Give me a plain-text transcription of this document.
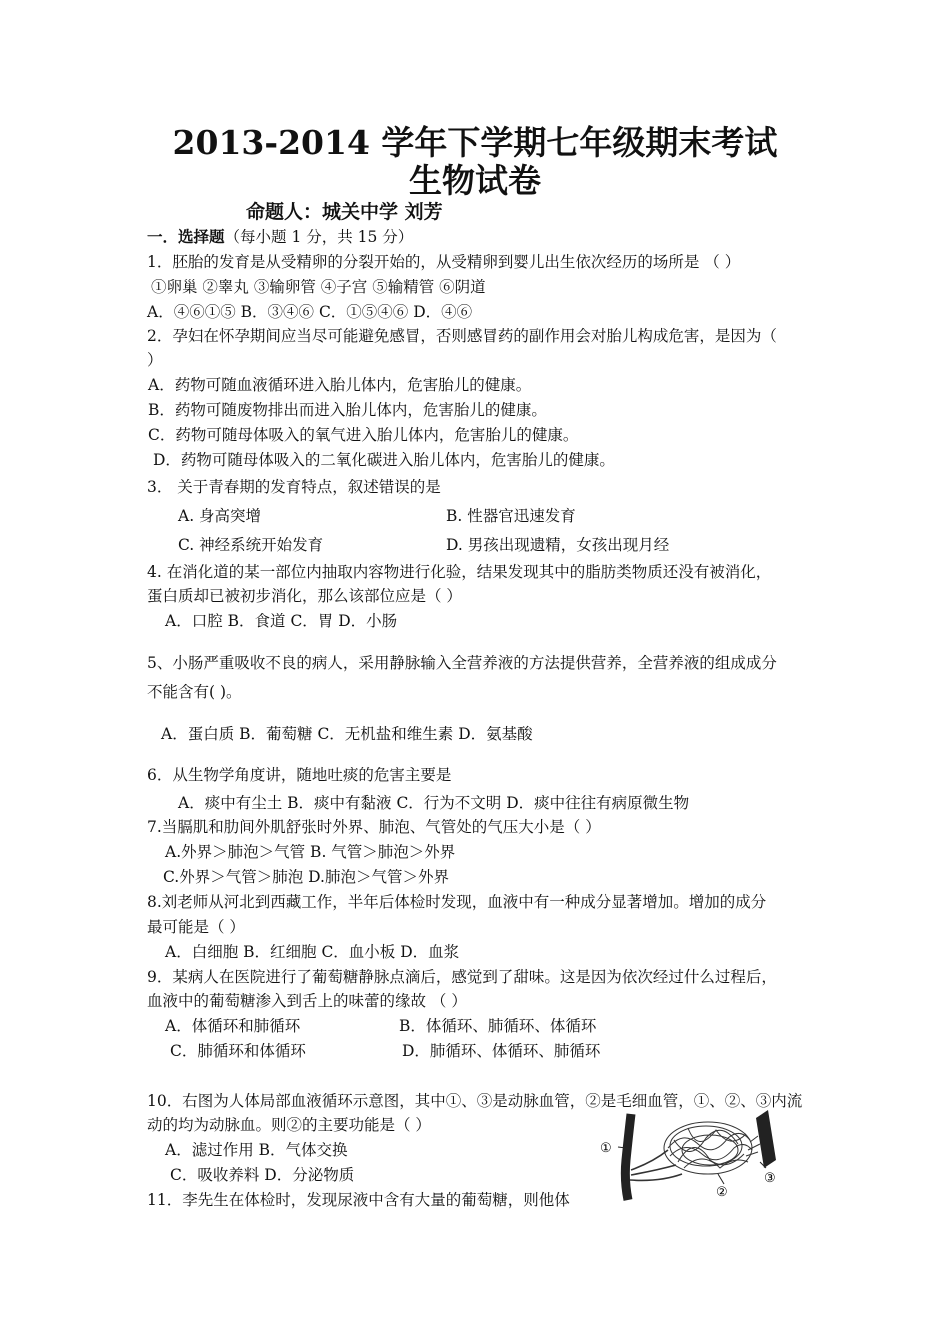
2013-2014 学年下学期七年级期末考试
生物试卷
命题人：城关中学 刘芳
一．选择题（每小题 1 分，共 15 分）
1．胚胎的发育是从受精卵的分裂开始的，从受精卵到婴儿出生依次经历的场所是 （ ）
①卵巢 ②睾丸 ③输卵管 ④子宫 ⑤输精管 ⑥阴道
A．④⑥①⑤ B．③④⑥ C．①⑤④⑥ D．④⑥
2．孕妇在怀孕期间应当尽可能避免感冒，否则感冒药的副作用会对胎儿构成危害，是因为（
）
A．药物可随血液循环进入胎儿体内，危害胎儿的健康。
B．药物可随废物排出而进入胎儿体内，危害胎儿的健康。
C．药物可随母体吸入的氧气进入胎儿体内，危害胎儿的健康。
D．药物可随母体吸入的二氧化碳进入胎儿体内，危害胎儿的健康。
3． 关于青春期的发育特点，叙述错误的是
A. 身高突增	B. 性器官迅速发育
C. 神经系统开始发育	D. 男孩出现遗精，女孩出现月经
4. 在消化道的某一部位内抽取内容物进行化验，结果发现其中的脂肪类物质还没有被消化，
蛋白质却已被初步消化，那么该部位应是（ ）
A．口腔 B．食道 C．胃 D．小肠
5、小肠严重吸收不良的病人，采用静脉输入全营养液的方法提供营养，全营养液的组成成分
不能含有( )。
A．蛋白质 B．葡萄糖 C．无机盐和维生素 D．氨基酸
6．从生物学角度讲，随地吐痰的危害主要是
A．痰中有尘土 B．痰中有黏液 C．行为不文明 D．痰中往往有病原微生物
7.当膈肌和肋间外肌舒张时外界、肺泡、气管处的气压大小是（ ）
A.外界＞肺泡＞气管 B. 气管＞肺泡＞外界
C.外界＞气管＞肺泡 D.肺泡＞气管＞外界
8.刘老师从河北到西藏工作，半年后体检时发现，血液中有一种成分显著增加。增加的成分
最可能是（ ）
A．白细胞 B．红细胞 C．血小板 D．血浆
9．某病人在医院进行了葡萄糖静脉点滴后，感觉到了甜味。这是因为依次经过什么过程后，
血液中的葡萄糖渗入到舌上的味蕾的缘故 （ ）
A．体循环和肺循环	B．体循环、肺循环、体循环
C．肺循环和体循环	D．肺循环、体循环、肺循环
10．右图为人体局部血液循环示意图，其中①、③是动脉血管，②是毛细血管，①、②、③内流
动的均为动脉血。则②的主要功能是（ ）
A．滤过作用 B．气体交换
C．吸收养料 D．分泌物质
①
②
③
11．李先生在体检时，发现尿液中含有大量的葡萄糖，则他体
